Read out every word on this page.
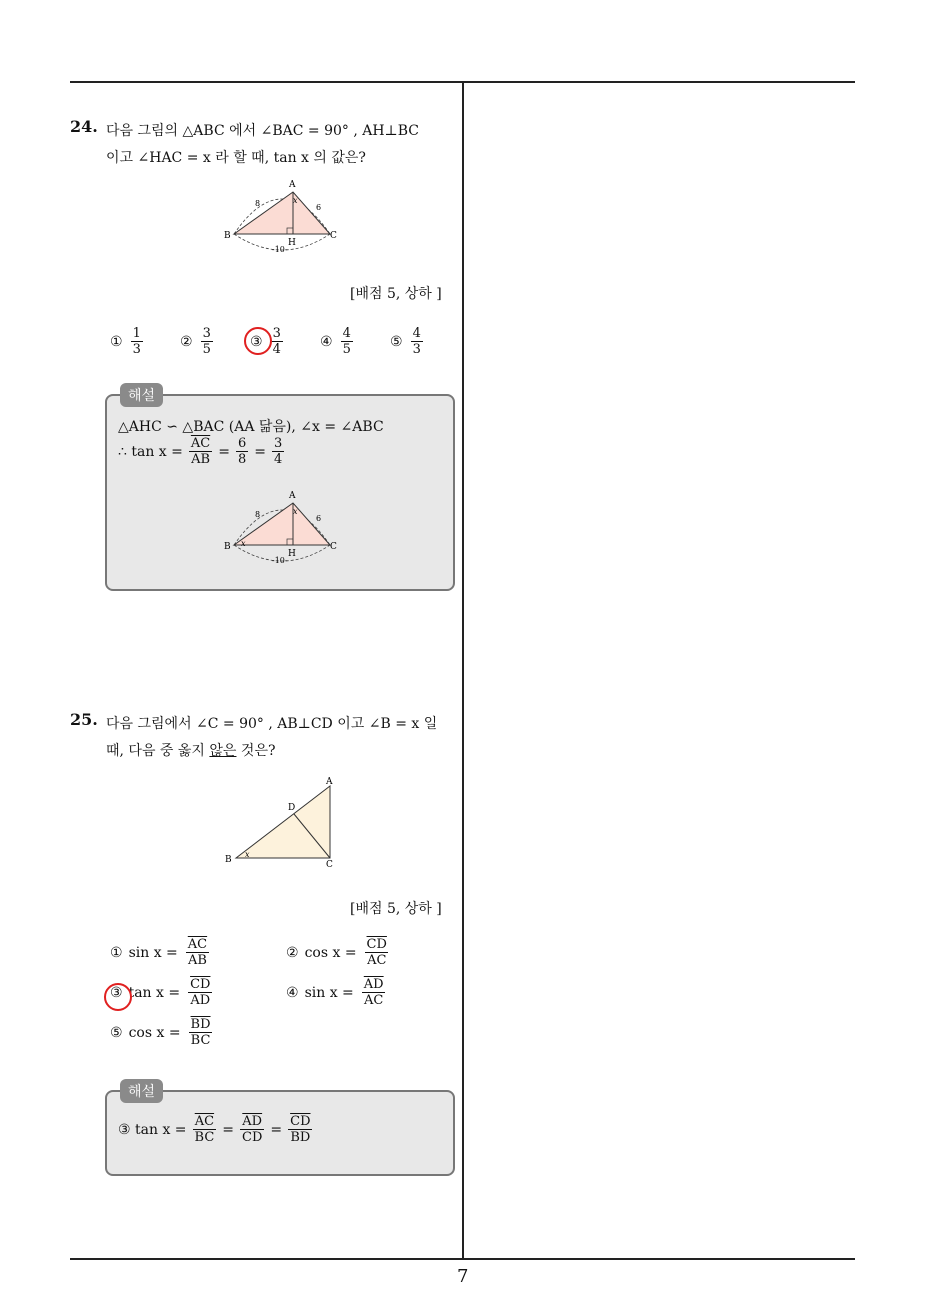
24. 다음 그림의 △ABC 에서 ∠BAC = 90° , AH⊥BC
이고 ∠HAC = x 라 할 때, tan x 의 값은?
A
B	C
H
x
8	6
-10-
[배점 5, 상하 ]
① $\frac{1}{3}$	② $\frac{3}{5}$	③ $\frac{3}{4}$	④ $\frac{4}{5}$	⑤ $\frac{4}{3}$
해설
△AHC ∽ △BAC (AA 닮음), ∠x = ∠ABC
∴ $\tan x = \frac{\overline{AC}}{AB} = \frac{6}{8} = \frac{3}{4}$
A
B	C
H
x
x
8	6
-10-
25. 다음 그림에서 ∠C = 90° , AB⊥CD 이고 ∠B = x 일
때, 다음 중 옳지 않은 것은?
A
B	C
D
x
[배점 5, 상하 ]
① $\sin x = \frac{\overline{AC}}{AB}$	② $\cos x = \frac{\overline{CD}}{AC}$
③ $\tan x = \frac{\overline{CD}}{AD}$	④ $\sin x = \frac{\overline{AD}}{AC}$
⑤ $\cos x = \frac{\overline{BD}}{BC}$
해설
③ $\tan x = \frac{\overline{AC}}{BC} = \frac{\overline{AD}}{CD} = \frac{\overline{CD}}{BD}$
7
